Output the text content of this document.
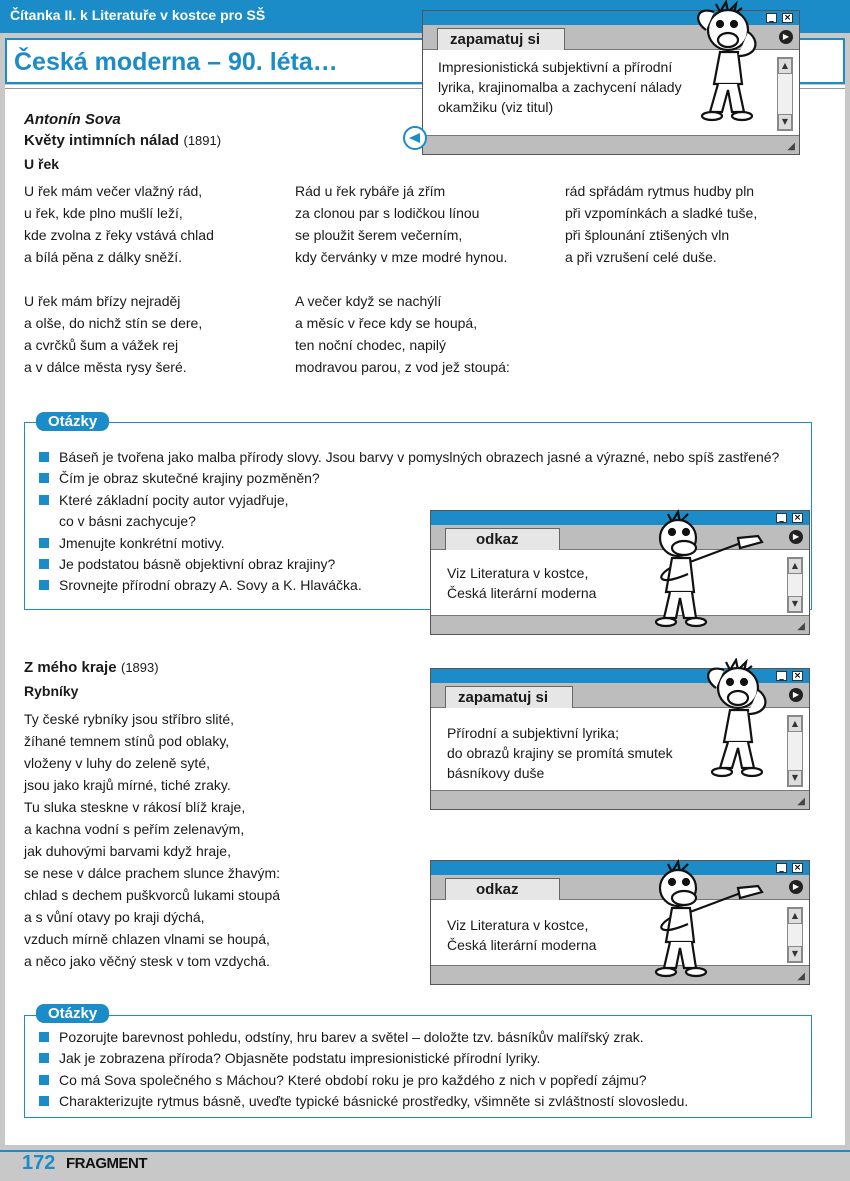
Čítanka II. k Literatuře v kostce pro SŠ
Česká moderna – 90. léta…
_	×
zapamatuj si	▶
Impresionistická subjektivní a přírodní
lyrika, krajinomalba a zachycení nálady
okamžiku (viz titul)
▲
▼
◢
Antonín Sova
Květy intimních nálad (1891)
U řek
U řek mám večer vlažný rád,
u řek, kde plno mušlí leží,
kde zvolna z řeky vstává chlad
a bílá pěna z dálky sněží.
U řek mám břízy nejraděj
a olše, do nichž stín se dere,
a cvrčků šum a vážek rej
a v dálce města rysy šeré.
Rád u řek rybáře já zřím
za clonou par s lodičkou línou
se ploužit šerem večerním,
kdy červánky v mze modré hynou.
A večer když se nachýlí
a měsíc v řece kdy se houpá,
ten noční chodec, napilý
modravou parou, z vod jež stoupá:
rád spřádám rytmus hudby pln
při vzpomínkách a sladké tuše,
při šplounání ztišených vln
a při vzrušení celé duše.
Otázky
Báseň je tvořena jako malba přírody slovy. Jsou barvy v pomyslných obrazech jasné a výrazné, nebo spíš zastřené?
Čím je obraz skutečné krajiny pozměněn?
Které základní pocity autor vyjadřuje,
co v básni zachycuje?
Jmenujte konkrétní motivy.
Je podstatou básně objektivní obraz krajiny?
Srovnejte přírodní obrazy A. Sovy a K. Hlaváčka.
_	×
odkaz	▶
Viz Literatura v kostce,
Česká literární moderna
▲
▼
◢
Z mého kraje (1893)
Rybníky
Ty české rybníky jsou stříbro slité,
žíhané temnem stínů pod oblaky,
vloženy v luhy do zeleně syté,
jsou jako krajů mírné, tiché zraky.
Tu sluka steskne v rákosí blíž kraje,
a kachna vodní s peřím zelenavým,
jak duhovými barvami když hraje,
se nese v dálce prachem slunce žhavým:
chlad s dechem puškvorců lukami stoupá
a s vůní otavy po kraji dýchá,
vzduch mírně chlazen vlnami se houpá,
a něco jako věčný stesk v tom vzdychá.
_	×
zapamatuj si	▶
Přírodní a subjektivní lyrika;
do obrazů krajiny se promítá smutek
básníkovy duše
▲
▼
◢
_	×
odkaz	▶
Viz Literatura v kostce,
Česká literární moderna
▲
▼
◢
Otázky
Pozorujte barevnost pohledu, odstíny, hru barev a světel – doložte tzv. básníkův malířský zrak.
Jak je zobrazena příroda? Objasněte podstatu impresionistické přírodní lyriky.
Co má Sova společného s Máchou? Které období roku je pro každého z nich v popředí zájmu?
Charakterizujte rytmus básně, uveďte typické básnické prostředky, všimněte si zvláštností slovosledu.
172 FRAGMENT
